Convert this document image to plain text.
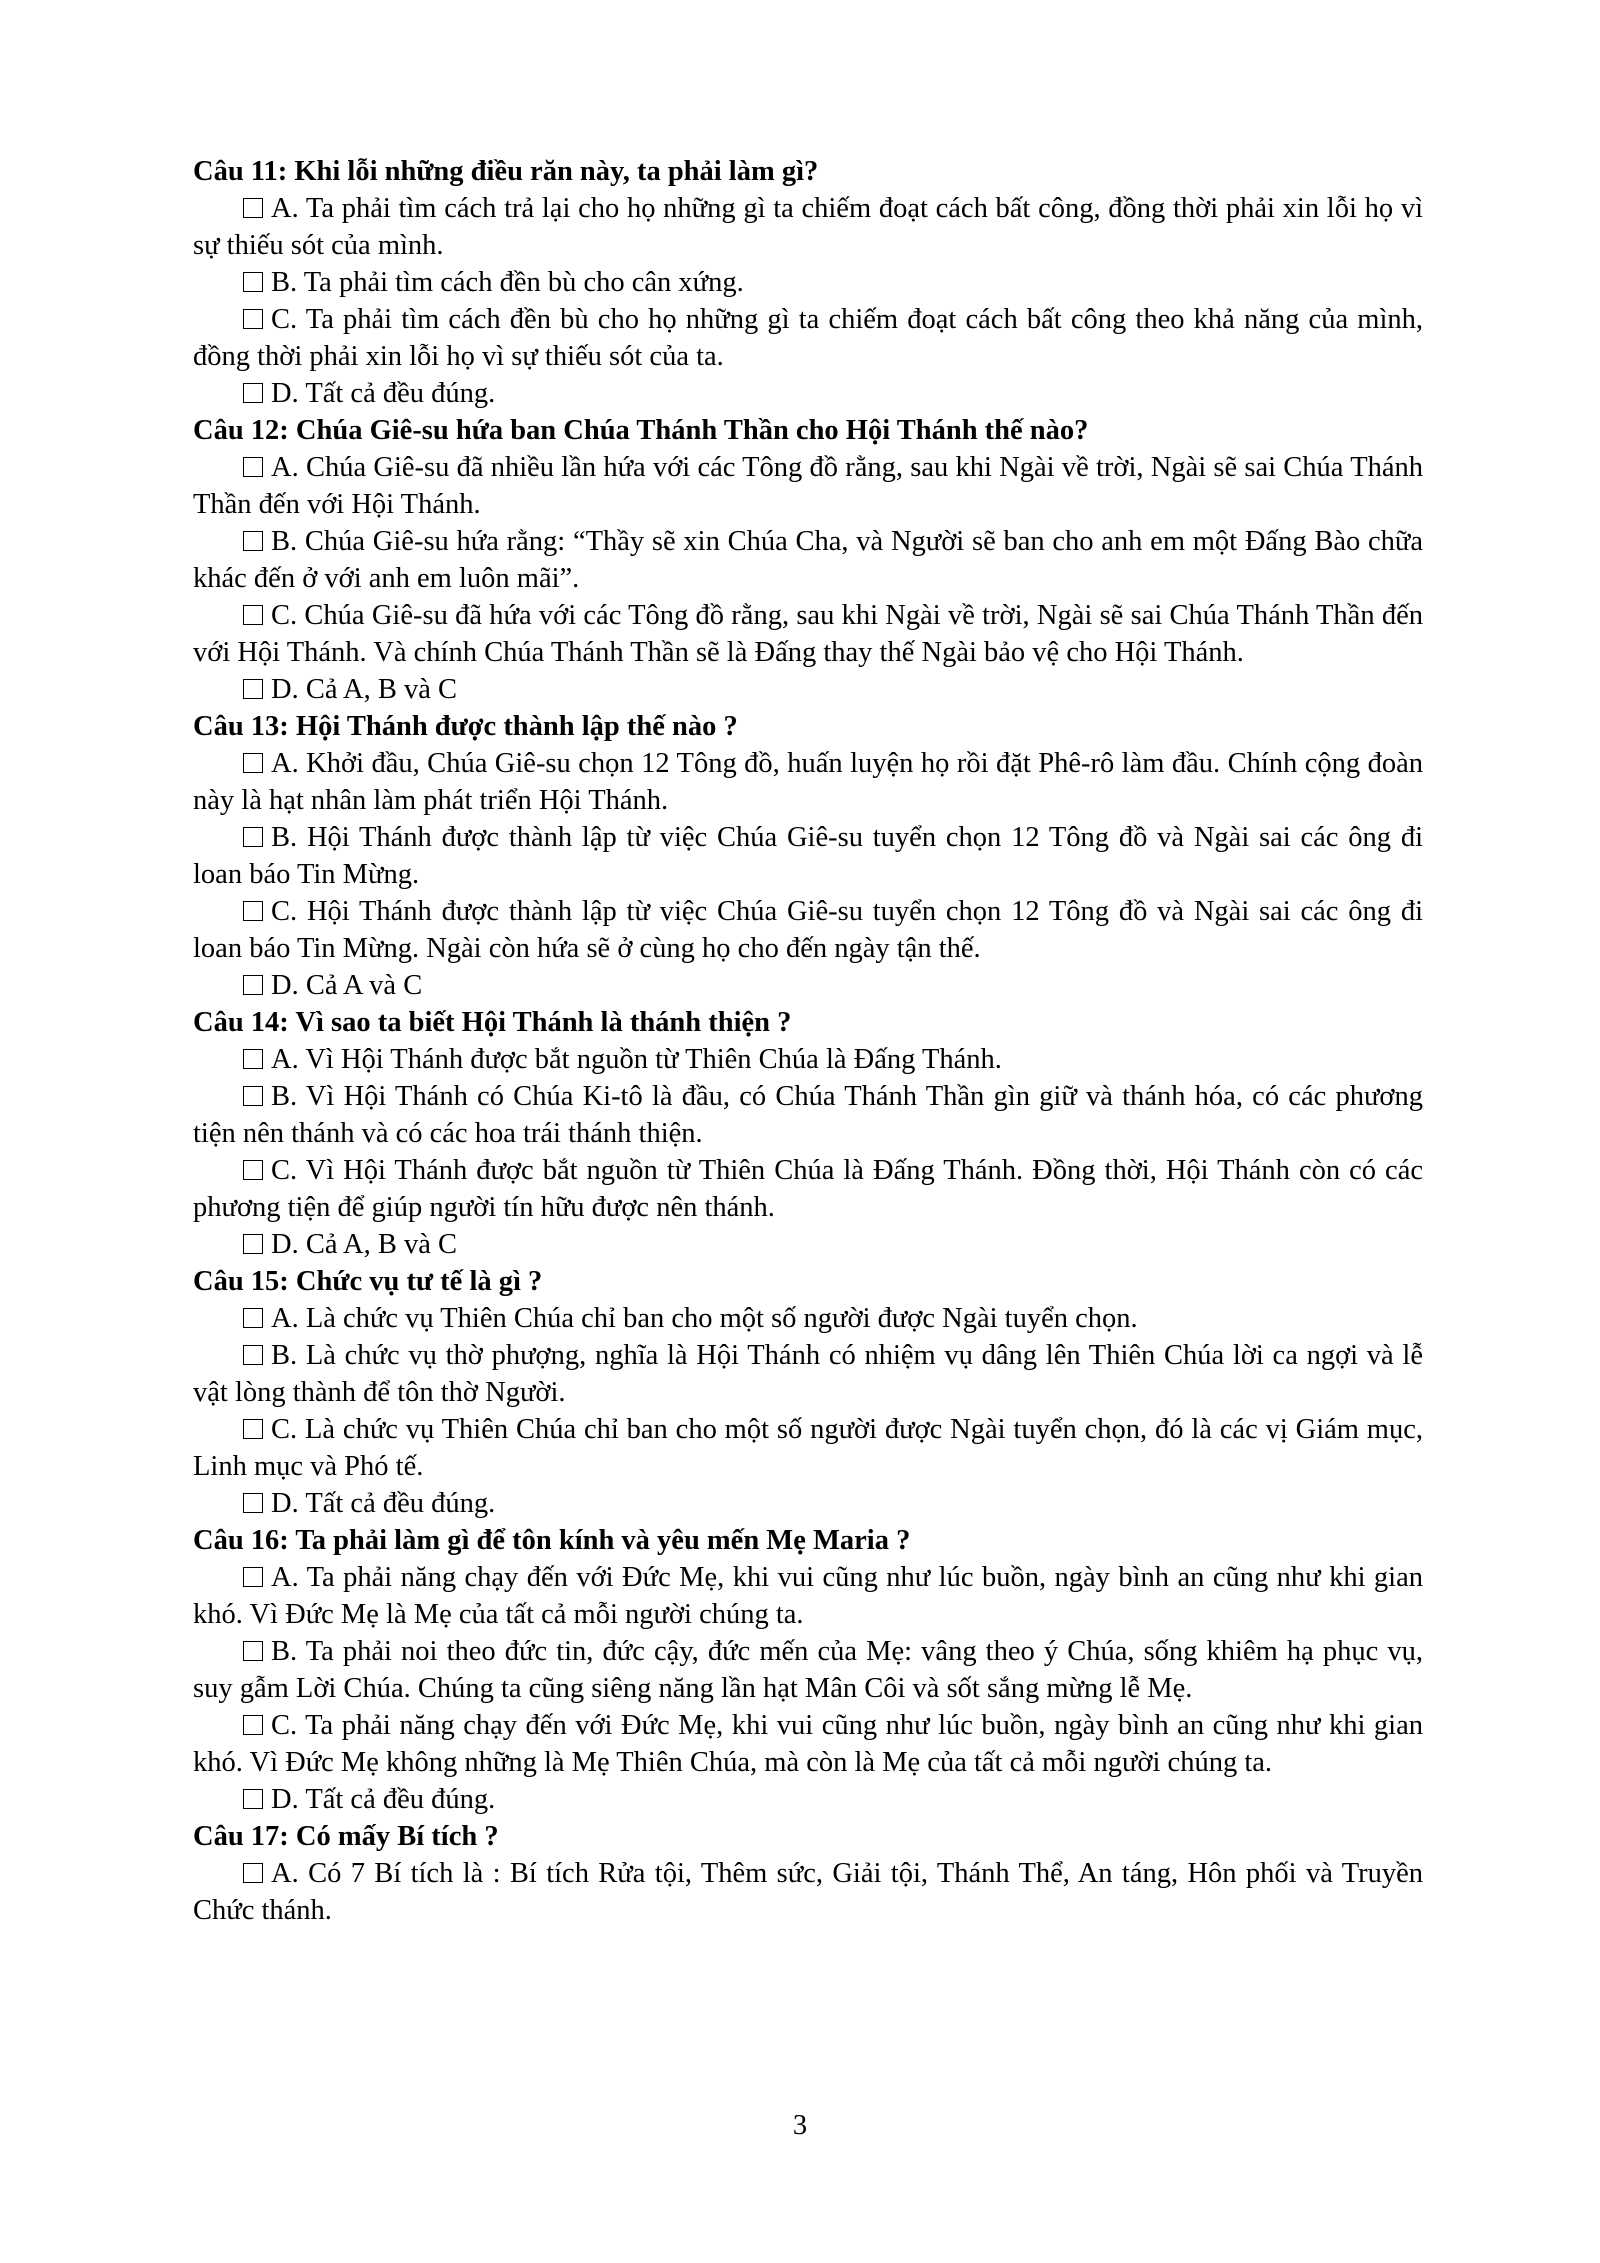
Câu 11: Khi lỗi những điều răn này, ta phải làm gì?
A. Ta phải tìm cách trả lại cho họ những gì ta chiếm đoạt cách bất công, đồng thời phải xin lỗi họ vì sự thiếu sót của mình.
B. Ta phải tìm cách đền bù cho cân xứng.
C. Ta phải tìm cách đền bù cho họ những gì ta chiếm đoạt cách bất công theo khả năng của mình, đồng thời phải xin lỗi họ vì sự thiếu sót của ta.
D. Tất cả đều đúng.
Câu 12: Chúa Giê-su hứa ban Chúa Thánh Thần cho Hội Thánh thế nào?
A. Chúa Giê-su đã nhiều lần hứa với các Tông đồ rằng, sau khi Ngài về trời, Ngài sẽ sai Chúa Thánh Thần đến với Hội Thánh.
B. Chúa Giê-su hứa rằng: “Thầy sẽ xin Chúa Cha, và Người sẽ ban cho anh em một Đấng Bào chữa khác đến ở với anh em luôn mãi”.
C. Chúa Giê-su đã hứa với các Tông đồ rằng, sau khi Ngài về trời, Ngài sẽ sai Chúa Thánh Thần đến với Hội Thánh. Và chính Chúa Thánh Thần sẽ là Đấng thay thế Ngài bảo vệ cho Hội Thánh.
D. Cả A, B và C
Câu 13: Hội Thánh được thành lập thế nào ?
A. Khởi đầu, Chúa Giê-su chọn 12 Tông đồ, huấn luyện họ rồi đặt Phê-rô làm đầu. Chính cộng đoàn này là hạt nhân làm phát triển Hội Thánh.
B. Hội Thánh được thành lập từ việc Chúa Giê-su tuyển chọn 12 Tông đồ và Ngài sai các ông đi loan báo Tin Mừng.
C. Hội Thánh được thành lập từ việc Chúa Giê-su tuyển chọn 12 Tông đồ và Ngài sai các ông đi loan báo Tin Mừng. Ngài còn hứa sẽ ở cùng họ cho đến ngày tận thế.
D. Cả A và C
Câu 14: Vì sao ta biết Hội Thánh là thánh thiện ?
A. Vì Hội Thánh được bắt nguồn từ Thiên Chúa là Đấng Thánh.
B. Vì Hội Thánh có Chúa Ki-tô là đầu, có Chúa Thánh Thần gìn giữ và thánh hóa, có các phương tiện nên thánh và có các hoa trái thánh thiện.
C. Vì Hội Thánh được bắt nguồn từ Thiên Chúa là Đấng Thánh. Đồng thời, Hội Thánh còn có các phương tiện để giúp người tín hữu được nên thánh.
D. Cả A, B và C
Câu 15: Chức vụ tư tế là gì ?
A. Là chức vụ Thiên Chúa chỉ ban cho một số người được Ngài tuyển chọn.
B. Là chức vụ thờ phượng, nghĩa là Hội Thánh có nhiệm vụ dâng lên Thiên Chúa lời ca ngợi và lễ vật lòng thành để tôn thờ Người.
C. Là chức vụ Thiên Chúa chỉ ban cho một số người được Ngài tuyển chọn, đó là các vị Giám mục, Linh mục và Phó tế.
D. Tất cả đều đúng.
Câu 16: Ta phải làm gì để tôn kính và yêu mến Mẹ Maria ?
A. Ta phải năng chạy đến với Đức Mẹ, khi vui cũng như lúc buồn, ngày bình an cũng như khi gian khó. Vì Đức Mẹ là Mẹ của tất cả mỗi người chúng ta.
B. Ta phải noi theo đức tin, đức cậy, đức mến của Mẹ: vâng theo ý Chúa, sống khiêm hạ phục vụ, suy gẫm Lời Chúa. Chúng ta cũng siêng năng lần hạt Mân Côi và sốt sắng mừng lễ Mẹ.
C. Ta phải năng chạy đến với Đức Mẹ, khi vui cũng như lúc buồn, ngày bình an cũng như khi gian khó. Vì Đức Mẹ không những là Mẹ Thiên Chúa, mà còn là Mẹ của tất cả mỗi người chúng ta.
D. Tất cả đều đúng.
Câu 17: Có mấy Bí tích ?
A. Có 7 Bí tích là : Bí tích Rửa tội, Thêm sức, Giải tội, Thánh Thể, An táng, Hôn phối và Truyền Chức thánh.
3
